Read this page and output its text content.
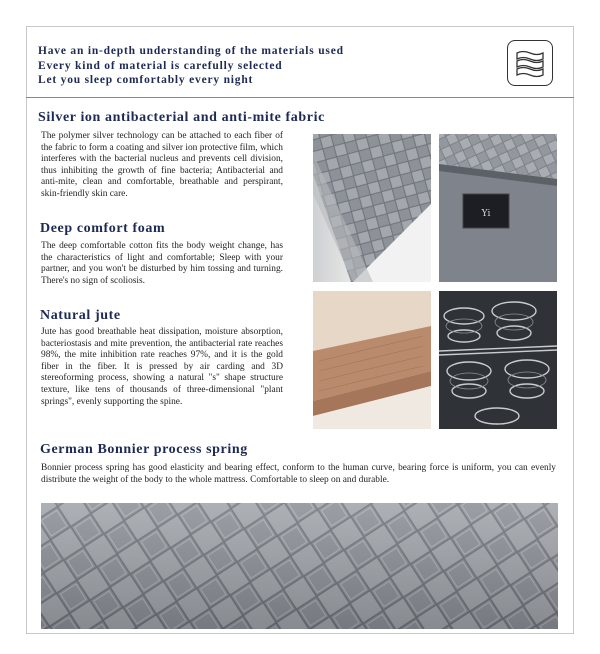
Have an in-depth understanding of the materials used
Every kind of material is carefully selected
Let you sleep comfortably every night
Silver ion antibacterial and anti-mite fabric

The polymer silver technology can be attached to each fiber of the fabric to form a coating and silver ion protective film, which interferes with the bacterial nucleus and prevents cell division, thus inhibiting the growth of fine bacteria; Antibacterial and anti-mite, clean and comfortable, breathable and perspirant, skin-friendly skin care.

Deep comfort foam

The deep comfortable cotton fits the body weight change, has the characteristics of light and comfortable; Sleep with your partner, and you won't be disturbed by him tossing and turning. There's no sign of scoliosis.

Natural jute

Jute has good breathable heat dissipation, moisture absorption, bacteriostasis and mite prevention, the antibacterial rate reaches 98%, the mite inhibition rate reaches 97%, and it is the gold fiber in the fiber. It is pressed by air carding and 3D stereoforming process, showing a natural "s" shape structure texture, like tens of thousands of three-dimensional "plant springs", evenly supporting the spine.

German Bonnier process spring

Bonnier process spring has good elasticity and bearing effect, conform to the human curve, bearing force is uniform, you can evenly distribute the weight of the body to the whole mattress. Comfortable to sleep on and durable.

Yi
